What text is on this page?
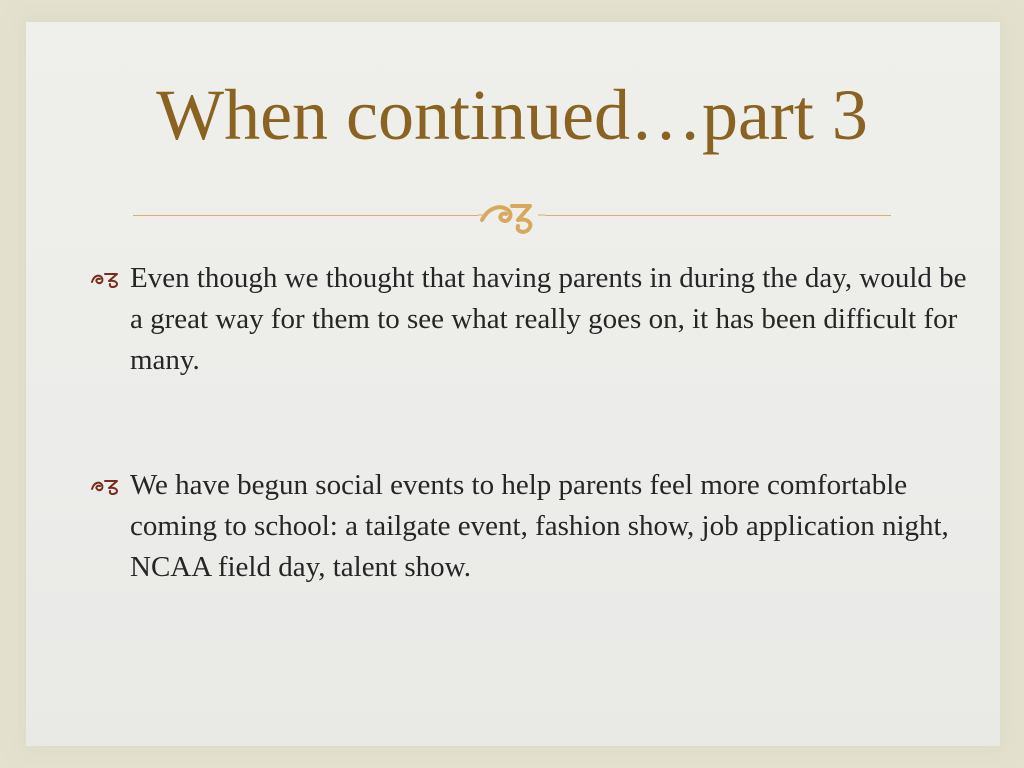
When continued…part 3
Even though we thought that having parents in during the day, would be a great way for them to see what really goes on, it has been difficult for many.
We have begun social events to help parents feel more comfortable coming to school: a tailgate event, fashion show, job application night, NCAA field day, talent show.
